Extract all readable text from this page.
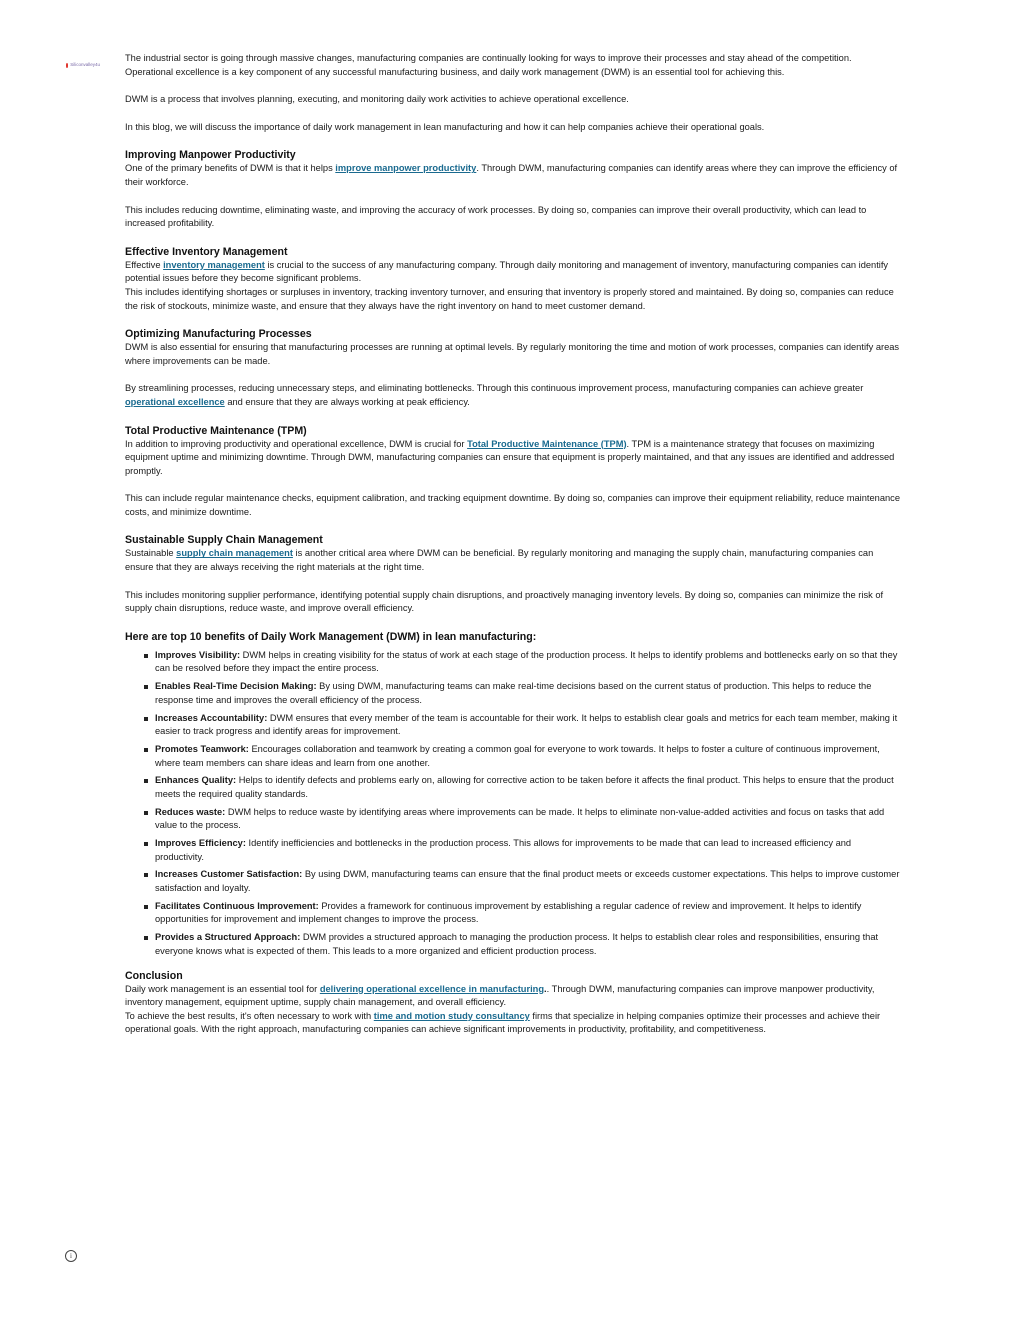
Siliconvalley4u

The industrial sector is going through massive changes, manufacturing companies are continually looking for ways to improve their processes and stay ahead of the competition. Operational excellence is a key component of any successful manufacturing business, and daily work management (DWM) is an essential tool for achieving this.

DWM is a process that involves planning, executing, and monitoring daily work activities to achieve operational excellence.

In this blog, we will discuss the importance of daily work management in lean manufacturing and how it can help companies achieve their operational goals.

Improving Manpower Productivity

One of the primary benefits of DWM is that it helps improve manpower productivity. Through DWM, manufacturing companies can identify areas where they can improve the efficiency of their workforce.

This includes reducing downtime, eliminating waste, and improving the accuracy of work processes. By doing so, companies can improve their overall productivity, which can lead to increased profitability.

Effective Inventory Management

Effective inventory management is crucial to the success of any manufacturing company. Through daily monitoring and management of inventory, manufacturing companies can identify potential issues before they become significant problems.

This includes identifying shortages or surpluses in inventory, tracking inventory turnover, and ensuring that inventory is properly stored and maintained. By doing so, companies can reduce the risk of stockouts, minimize waste, and ensure that they always have the right inventory on hand to meet customer demand.

Optimizing Manufacturing Processes

DWM is also essential for ensuring that manufacturing processes are running at optimal levels. By regularly monitoring the time and motion of work processes, companies can identify areas where improvements can be made.

By streamlining processes, reducing unnecessary steps, and eliminating bottlenecks. Through this continuous improvement process, manufacturing companies can achieve greater operational excellence and ensure that they are always working at peak efficiency.

Total Productive Maintenance (TPM)

In addition to improving productivity and operational excellence, DWM is crucial for Total Productive Maintenance (TPM). TPM is a maintenance strategy that focuses on maximizing equipment uptime and minimizing downtime. Through DWM, manufacturing companies can ensure that equipment is properly maintained, and that any issues are identified and addressed promptly.

This can include regular maintenance checks, equipment calibration, and tracking equipment downtime. By doing so, companies can improve their equipment reliability, reduce maintenance costs, and minimize downtime.

Sustainable Supply Chain Management

Sustainable supply chain management is another critical area where DWM can be beneficial. By regularly monitoring and managing the supply chain, manufacturing companies can ensure that they are always receiving the right materials at the right time.

This includes monitoring supplier performance, identifying potential supply chain disruptions, and proactively managing inventory levels. By doing so, companies can minimize the risk of supply chain disruptions, reduce waste, and improve overall efficiency.

Here are top 10 benefits of Daily Work Management (DWM) in lean manufacturing:
Improves Visibility: DWM helps in creating visibility for the status of work at each stage of the production process. It helps to identify problems and bottlenecks early on so that they can be resolved before they impact the entire process.
Enables Real-Time Decision Making: By using DWM, manufacturing teams can make real-time decisions based on the current status of production. This helps to reduce the response time and improves the overall efficiency of the process.
Increases Accountability: DWM ensures that every member of the team is accountable for their work. It helps to establish clear goals and metrics for each team member, making it easier to track progress and identify areas for improvement.
Promotes Teamwork: Encourages collaboration and teamwork by creating a common goal for everyone to work towards. It helps to foster a culture of continuous improvement, where team members can share ideas and learn from one another.
Enhances Quality: Helps to identify defects and problems early on, allowing for corrective action to be taken before it affects the final product. This helps to ensure that the product meets the required quality standards.
Reduces waste: DWM helps to reduce waste by identifying areas where improvements can be made. It helps to eliminate non-value-added activities and focus on tasks that add value to the process.
Improves Efficiency: Identify inefficiencies and bottlenecks in the production process. This allows for improvements to be made that can lead to increased efficiency and productivity.
Increases Customer Satisfaction: By using DWM, manufacturing teams can ensure that the final product meets or exceeds customer expectations. This helps to improve customer satisfaction and loyalty.
Facilitates Continuous Improvement: Provides a framework for continuous improvement by establishing a regular cadence of review and improvement. It helps to identify opportunities for improvement and implement changes to improve the process.
Provides a Structured Approach: DWM provides a structured approach to managing the production process. It helps to establish clear roles and responsibilities, ensuring that everyone knows what is expected of them. This leads to a more organized and efficient production process.
Conclusion

Daily work management is an essential tool for delivering operational excellence in manufacturing.. Through DWM, manufacturing companies can improve manpower productivity, inventory management, equipment uptime, supply chain management, and overall efficiency.

To achieve the best results, it's often necessary to work with time and motion study consultancy firms that specialize in helping companies optimize their processes and achieve their operational goals. With the right approach, manufacturing companies can achieve significant improvements in productivity, profitability, and competitiveness.

i
